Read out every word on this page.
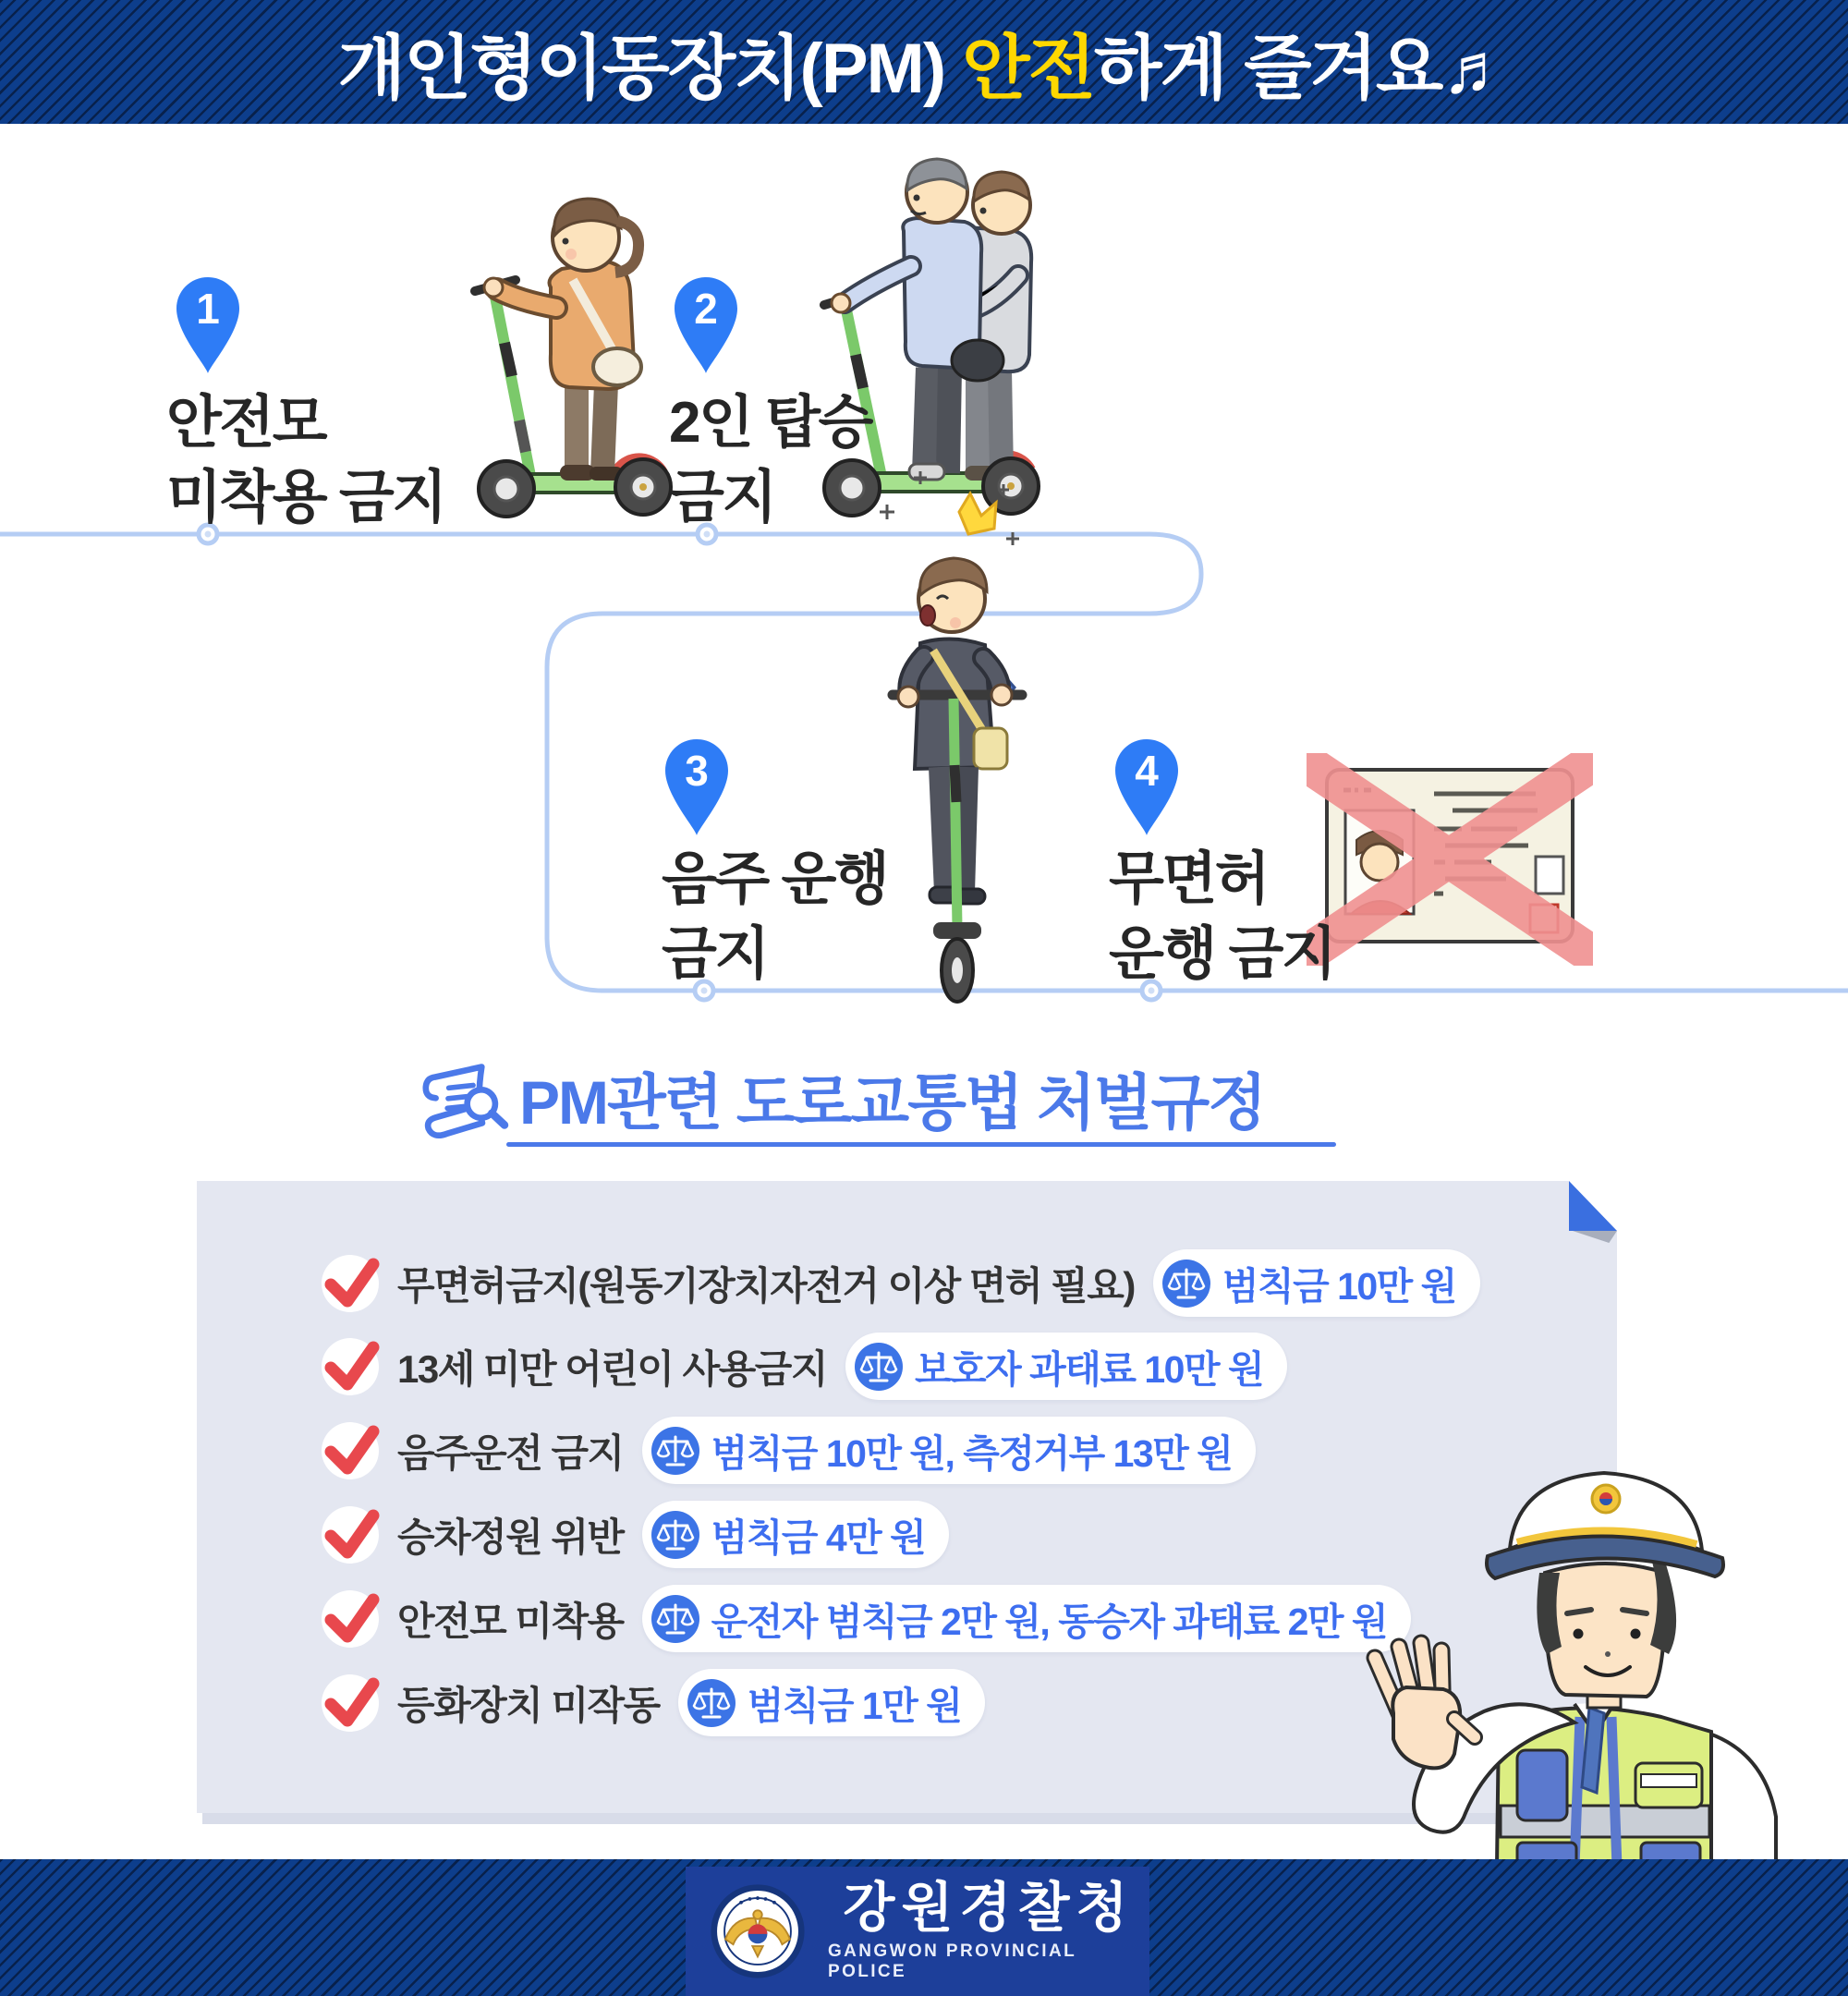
개인형이동장치(PM) 안전하게 즐겨요♬
1
안전모
미착용 금지
2
2인 탑승
금지
3
음주 운행
금지
4
무면허
운행 금지
PM관련 도로교통법 처벌규정
무면허금지(원동기장치자전거 이상 면허 필요) 범칙금 10만 원
13세 미만 어린이 사용금지 보호자 과태료 10만 원
음주운전 금지 범칙금 10만 원, 측정거부 13만 원
승차정원 위반 범칙금 4만 원
안전모 미착용 운전자 범칙금 2만 원, 동승자 과태료 2만 원
등화장치 미작동 범칙금 1만 원
강원경찰청
GANGWON PROVINCIAL POLICE
